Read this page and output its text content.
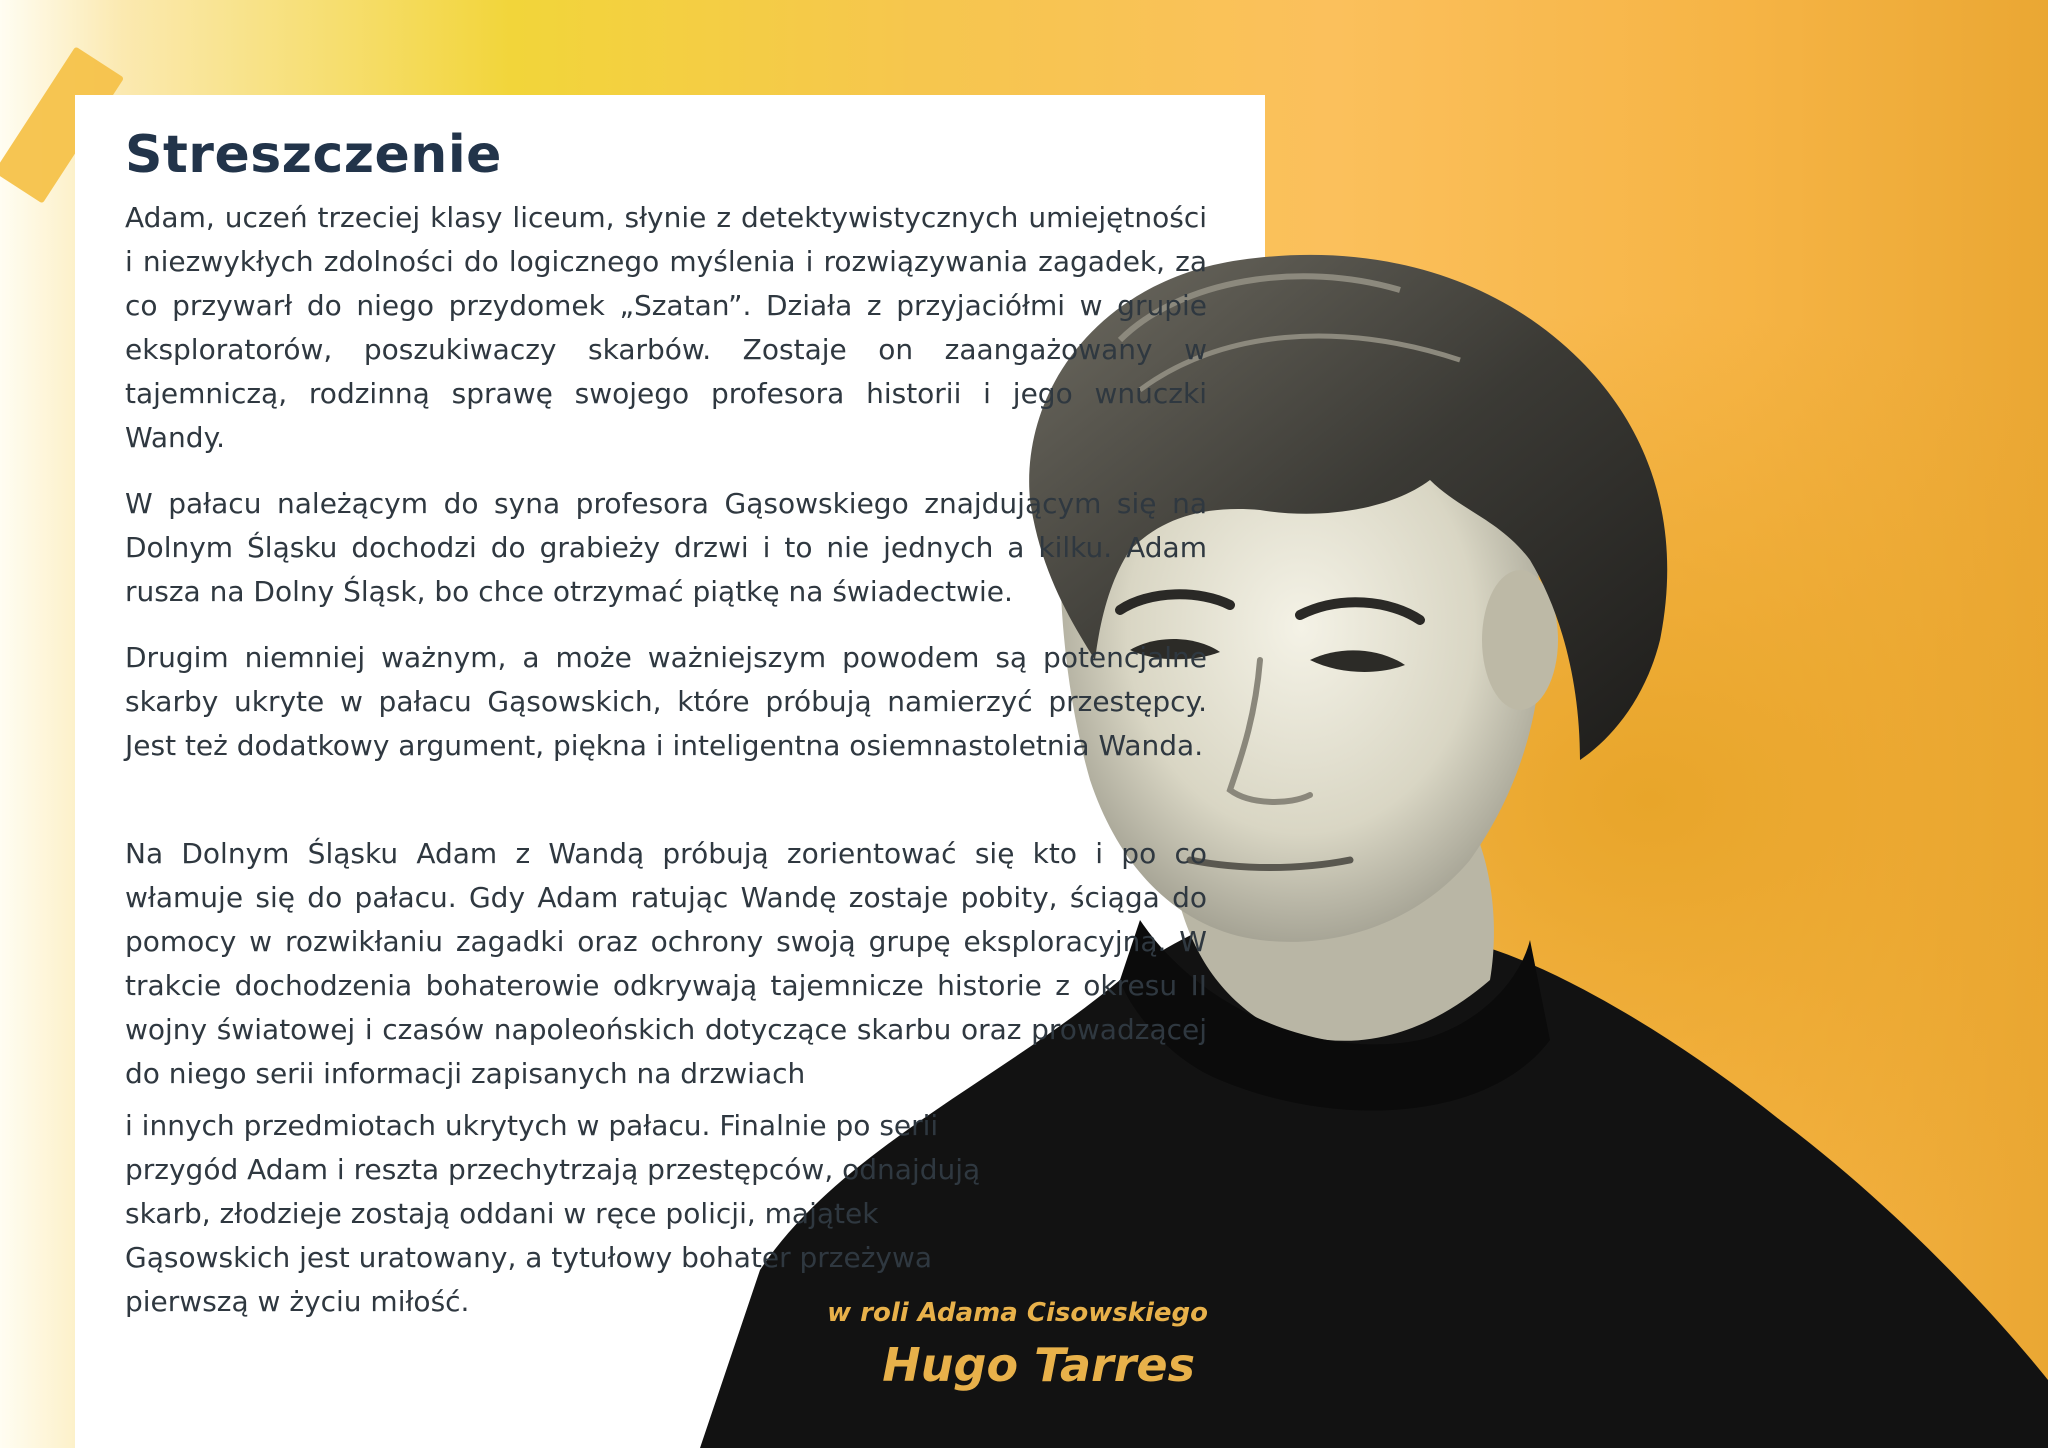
Streszczenie

Adam, uczeń trzeciej klasy liceum, słynie z detektywistycznych umiejętności i niezwykłych zdolności do logicznego myślenia i rozwiązywania zagadek, za co przywarł do niego przydomek „Szatan”. Działa z przyjaciółmi w grupie eksploratorów, poszukiwaczy skarbów. Zostaje on zaangażowany w tajemniczą, rodzinną sprawę swojego profesora historii i jego wnuczki Wandy.

W pałacu należącym do syna profesora Gąsowskiego znajdującym się na Dolnym Śląsku dochodzi do grabieży drzwi i to nie jednych a kilku. Adam rusza na Dolny Śląsk, bo chce otrzymać piątkę na świadectwie.

Drugim niemniej ważnym, a może ważniejszym powodem są potencjalne skarby ukryte w pałacu Gąsowskich, które próbują namierzyć przestępcy. Jest też dodatkowy argument, piękna i inteligentna osiemnastoletnia Wanda.

Na Dolnym Śląsku Adam z Wandą próbują zorientować się kto i po co włamuje się do pałacu. Gdy Adam ratując Wandę zostaje pobity, ściąga do pomocy w rozwikłaniu zagadki oraz ochrony swoją grupę eksploracyjną. W trakcie dochodzenia bohaterowie odkrywają tajemnicze historie z okresu II wojny światowej i czasów napoleońskich dotyczące skarbu oraz prowadzącej do niego serii informacji zapisanych na drzwiach

i innych przedmiotach ukrytych w pałacu. Finalnie po serii przygód Adam i reszta przechytrzają przestępców, odnajdują skarb, złodzieje zostają oddani w ręce policji, majątek Gąsowskich jest uratowany, a tytułowy bohater przeżywa pierwszą w życiu miłość.	w roli Adama Cisowskiego

Hugo Tarres
